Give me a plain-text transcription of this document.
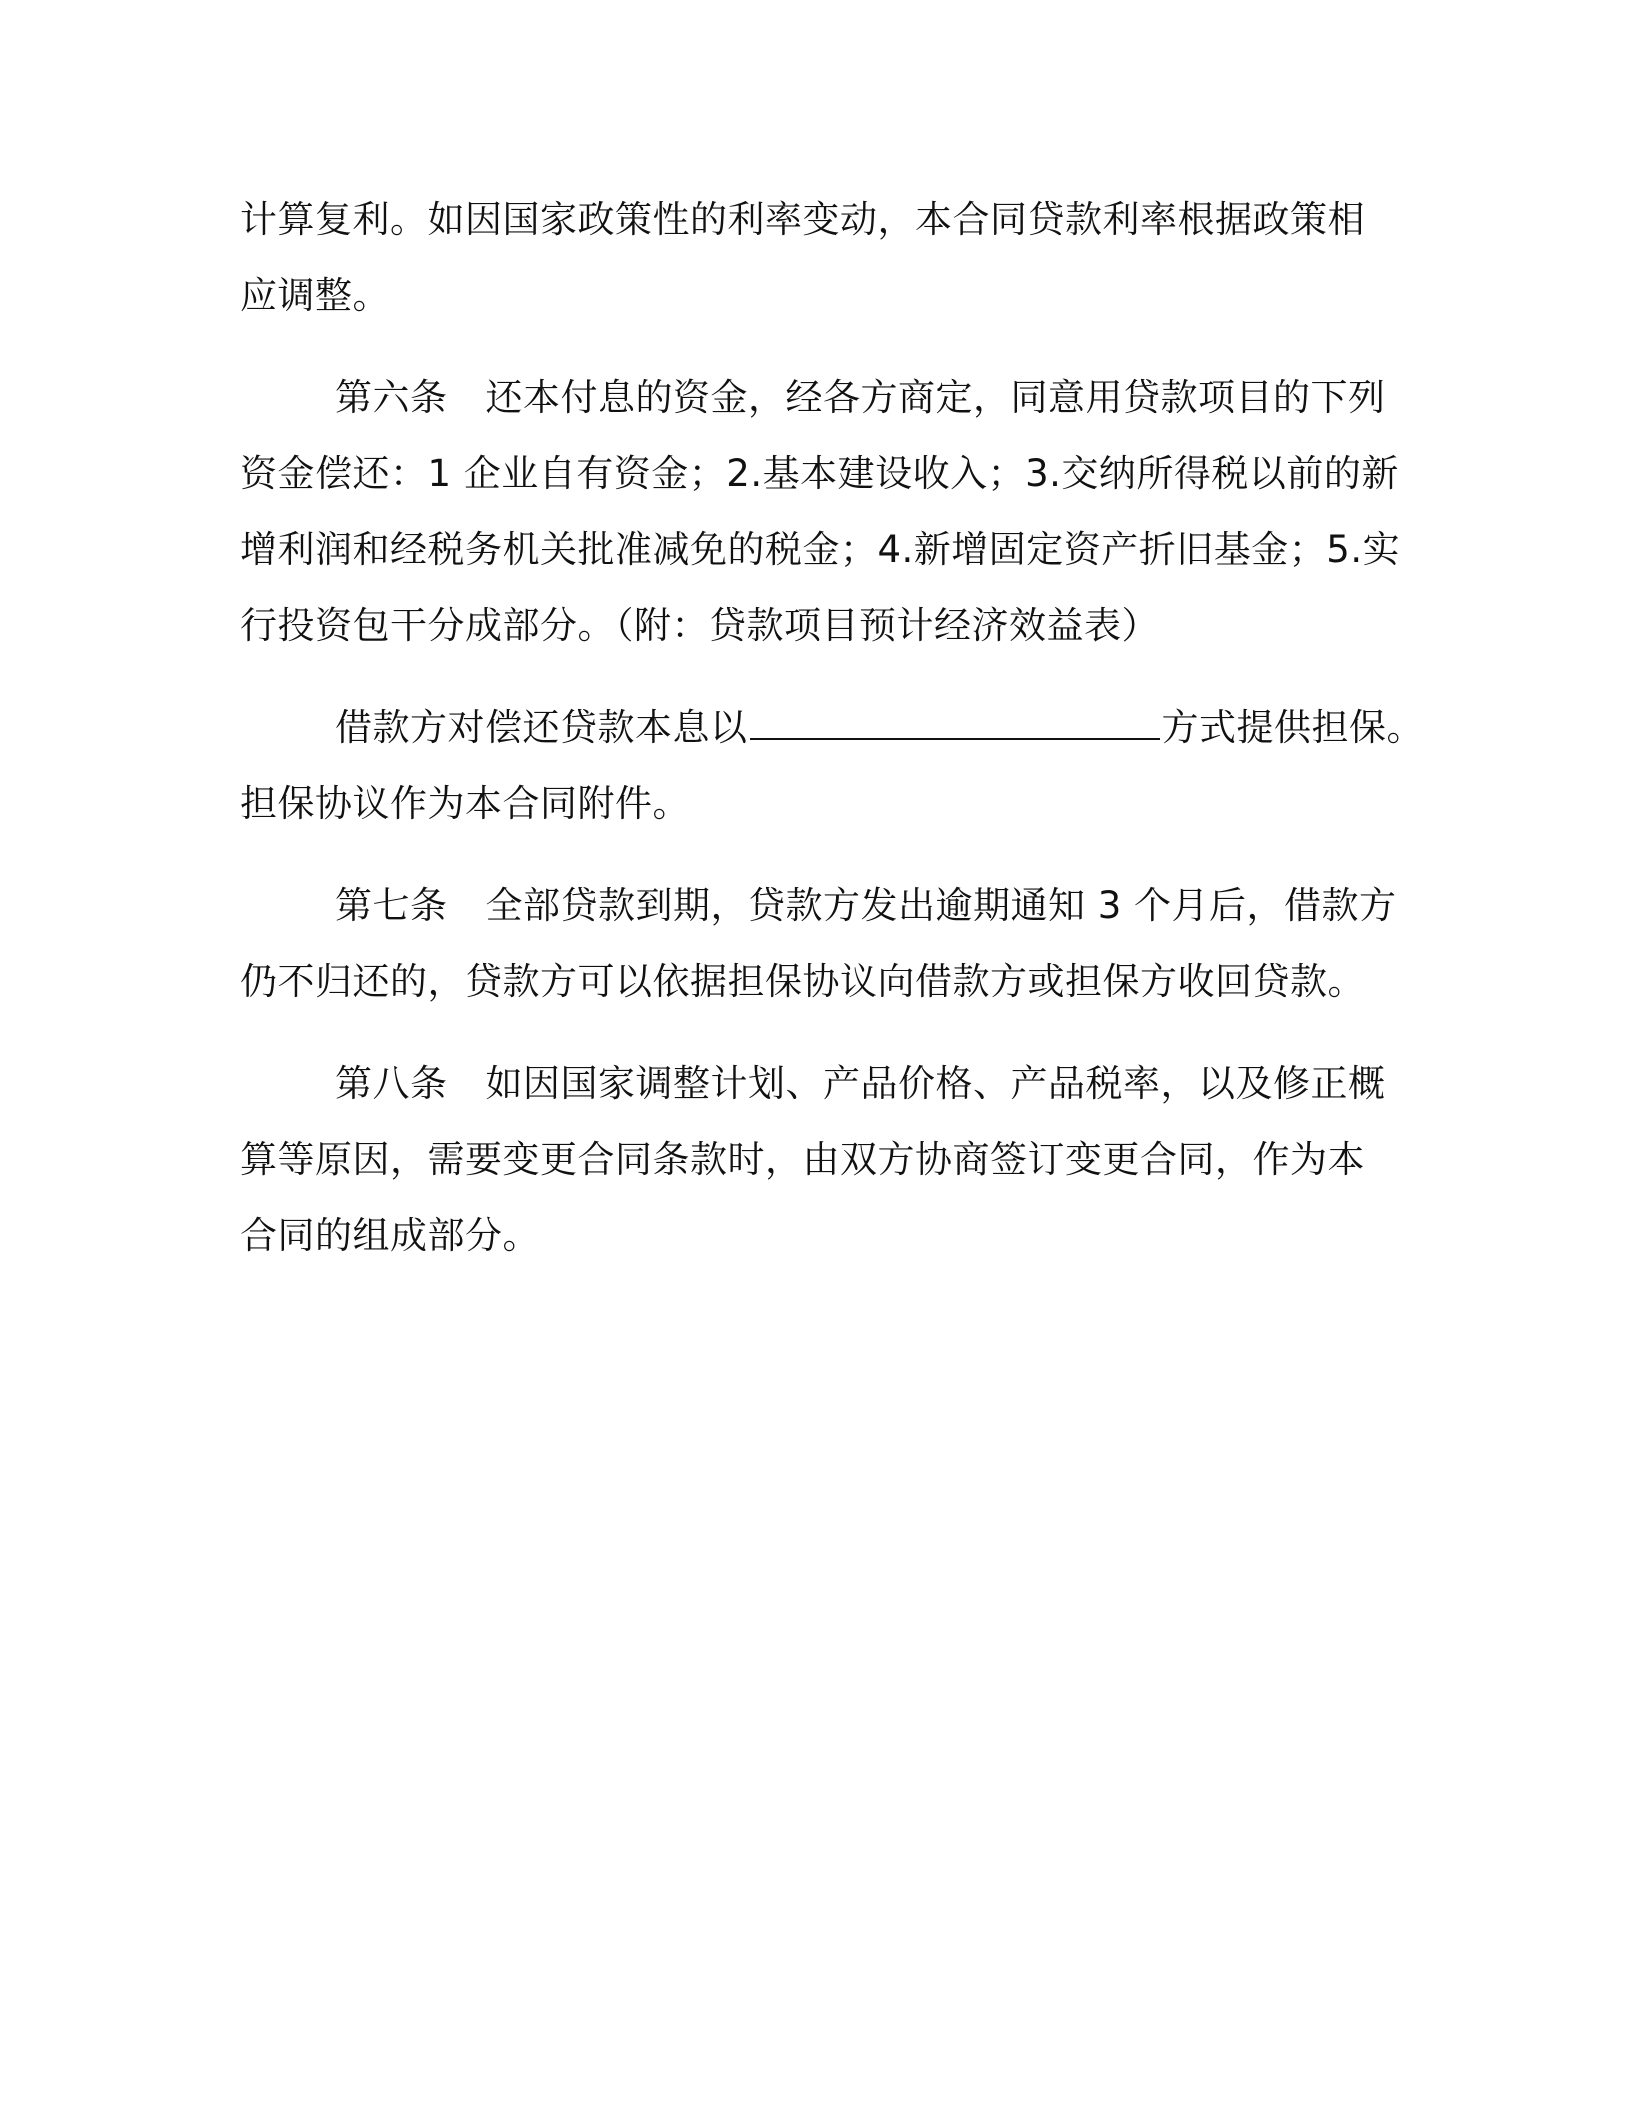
计算复利。如因国家政策性的利率变动，本合同贷款利率根据政策相
应调整。
第六条 还本付息的资金，经各方商定，同意用贷款项目的下列
资金偿还：1 企业自有资金；2.基本建设收入；3.交纳所得税以前的新
增利润和经税务机关批准减免的税金；4.新增固定资产折旧基金；5.实
行投资包干分成部分。（附：贷款项目预计经济效益表）
借款方对偿还贷款本息以	方式提供担保。
担保协议作为本合同附件。
第七条 全部贷款到期，贷款方发出逾期通知 3 个月后，借款方
仍不归还的，贷款方可以依据担保协议向借款方或担保方收回贷款。
第八条 如因国家调整计划、产品价格、产品税率，以及修正概
算等原因，需要变更合同条款时，由双方协商签订变更合同，作为本
合同的组成部分。
